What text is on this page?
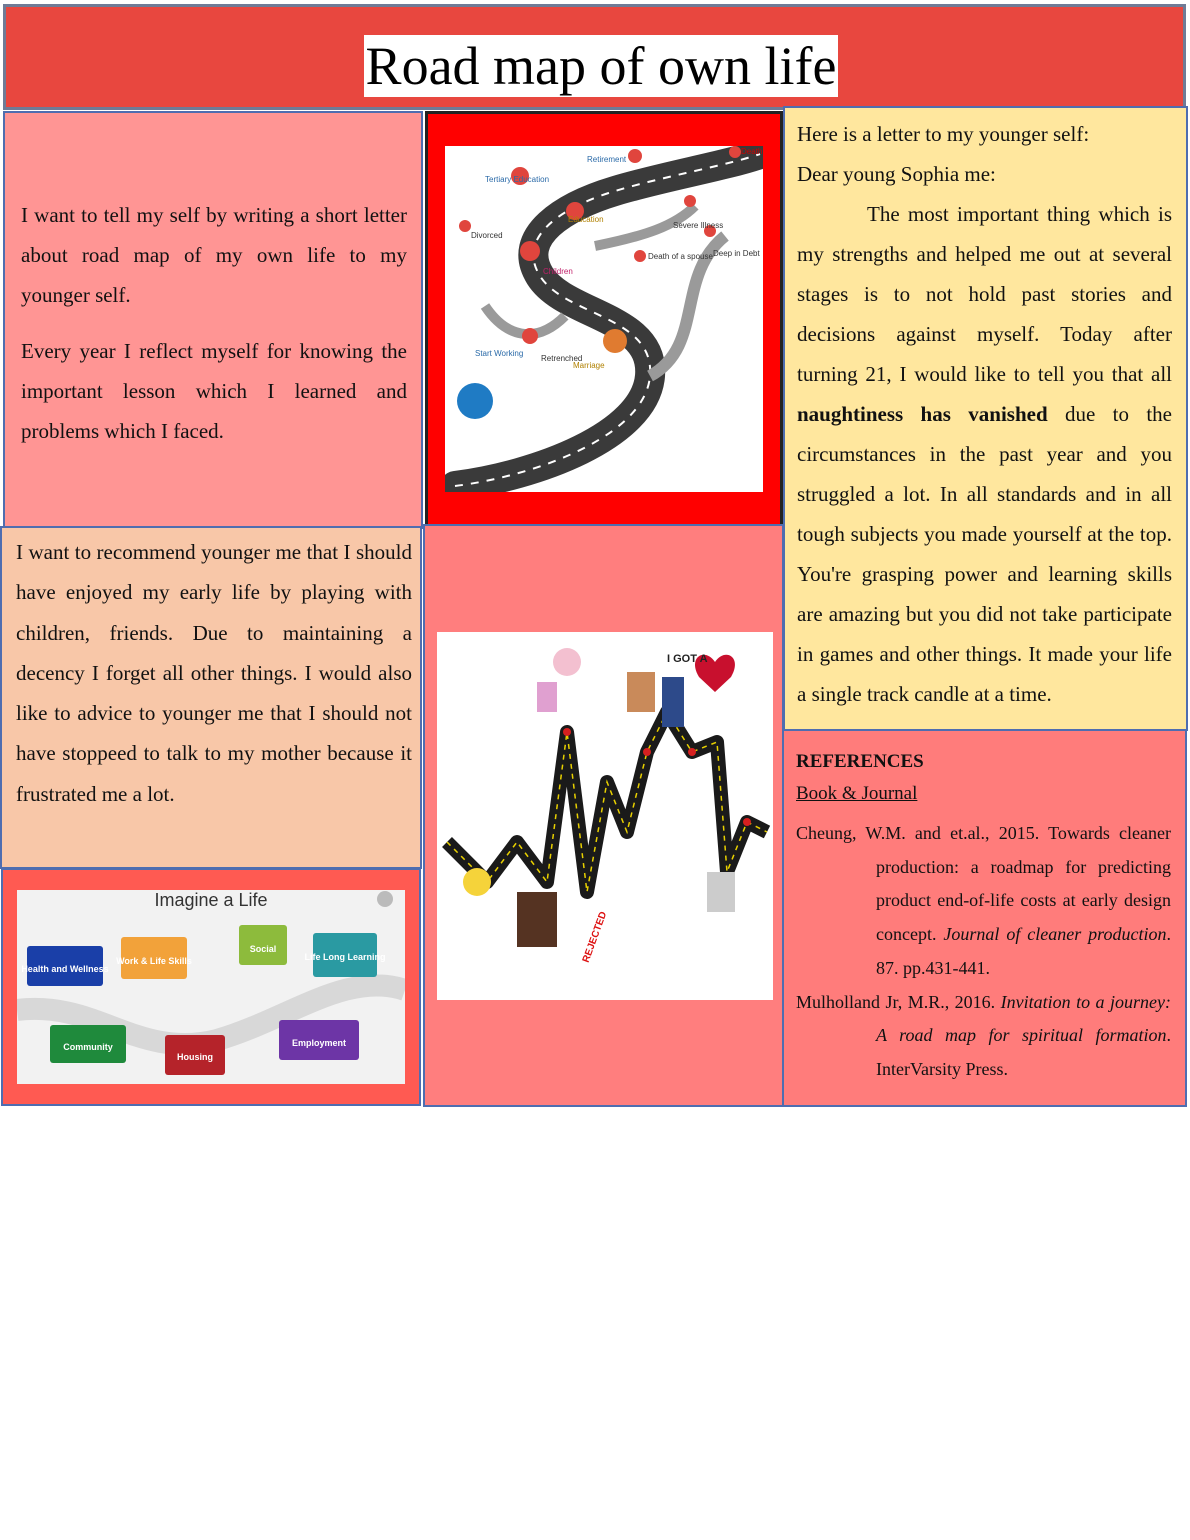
Road map of own life

I want to tell my self by writing a short letter about road map of my own life to my younger self.

Every year I reflect myself for knowing the important lesson which I learned and problems which I faced.

Death
Retirement
Tertiary Education
Education
Severe Illness
Divorced
Deep in Debt
Death of a spouse
Children
Start Working
Retrenched
Marriage

Here is a letter to my younger self:

Dear young Sophia me:

The most important thing which is my strengths and helped me out at several stages is to not hold past stories and decisions against myself. Today after turning 21, I would like to tell you that all naughtiness has vanished due to the circumstances in the past year and you struggled a lot. In all standards and in all tough subjects you made yourself at the top. You're grasping power and learning skills are amazing but you did not take participate in games and other things. It made your life a single track candle at a time.

I want to recommend younger me that I should have enjoyed my early life by playing with children, friends. Due to maintaining a decency I forget all other things. I would also like to advice to younger me that I should not have stoppeed to talk to my mother because it frustrated me a lot.

I GOT A
REJECTED
Imagine a Life
Health and Wellness
Work & Life Skills
Social
Life Long Learning
Community
Housing
Employment
REFERENCES
Book & Journal

Cheung, W.M. and et.al., 2015. Towards cleaner production: a roadmap for predicting product end-of-life costs at early design concept. Journal of cleaner production. 87. pp.431-441.

Mulholland Jr, M.R., 2016. Invitation to a journey: A road map for spiritual formation. InterVarsity Press.
